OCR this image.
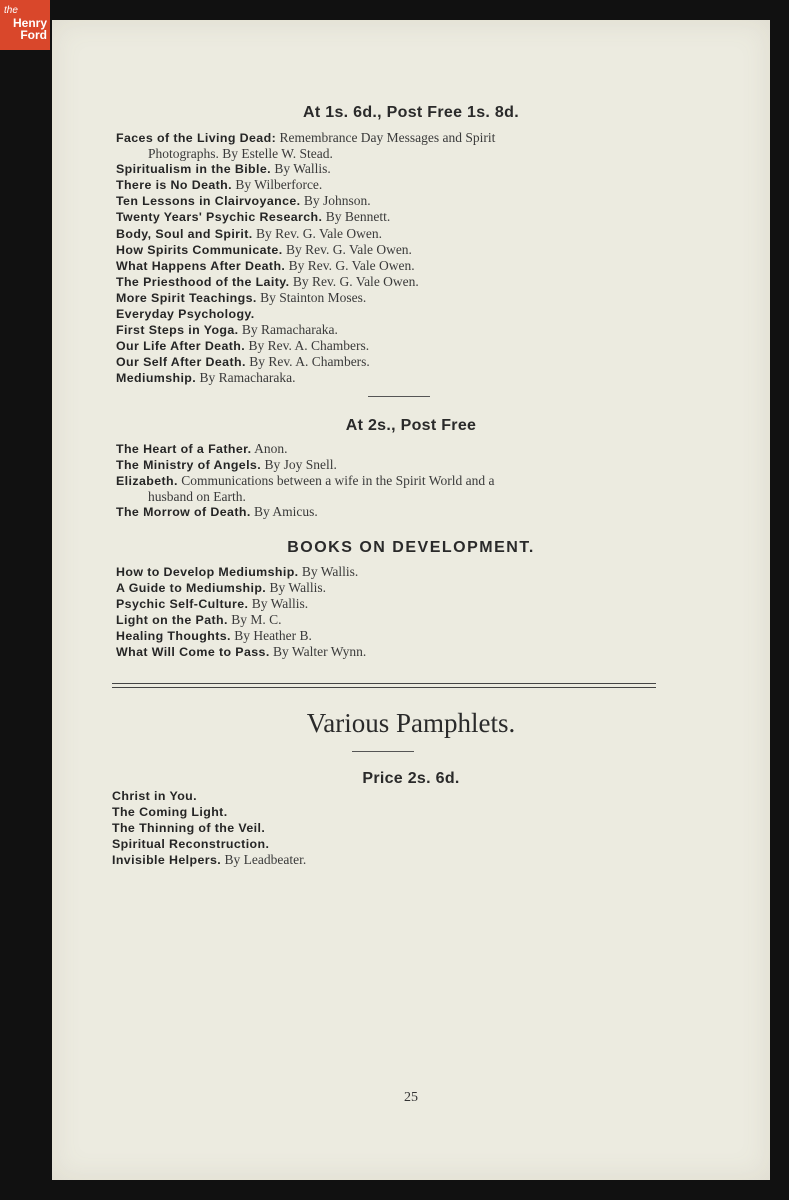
the
Henry
Ford
At 1s. 6d., Post Free 1s. 8d.
Faces of the Living Dead: Remembrance Day Messages and Spirit
Photographs. By Estelle W. Stead.
Spiritualism in the Bible. By Wallis.
There is No Death. By Wilberforce.
Ten Lessons in Clairvoyance. By Johnson.
Twenty Years' Psychic Research. By Bennett.
Body, Soul and Spirit. By Rev. G. Vale Owen.
How Spirits Communicate. By Rev. G. Vale Owen.
What Happens After Death. By Rev. G. Vale Owen.
The Priesthood of the Laity. By Rev. G. Vale Owen.
More Spirit Teachings. By Stainton Moses.
Everyday Psychology.
First Steps in Yoga. By Ramacharaka.
Our Life After Death. By Rev. A. Chambers.
Our Self After Death. By Rev. A. Chambers.
Mediumship. By Ramacharaka.
At 2s., Post Free
The Heart of a Father. Anon.
The Ministry of Angels. By Joy Snell.
Elizabeth. Communications between a wife in the Spirit World and a
husband on Earth.
The Morrow of Death. By Amicus.
BOOKS ON DEVELOPMENT.
How to Develop Mediumship. By Wallis.
A Guide to Mediumship. By Wallis.
Psychic Self-Culture. By Wallis.
Light on the Path. By M. C.
Healing Thoughts. By Heather B.
What Will Come to Pass. By Walter Wynn.
Various Pamphlets.
Price 2s. 6d.
Christ in You.
The Coming Light.
The Thinning of the Veil.
Spiritual Reconstruction.
Invisible Helpers. By Leadbeater.
25
